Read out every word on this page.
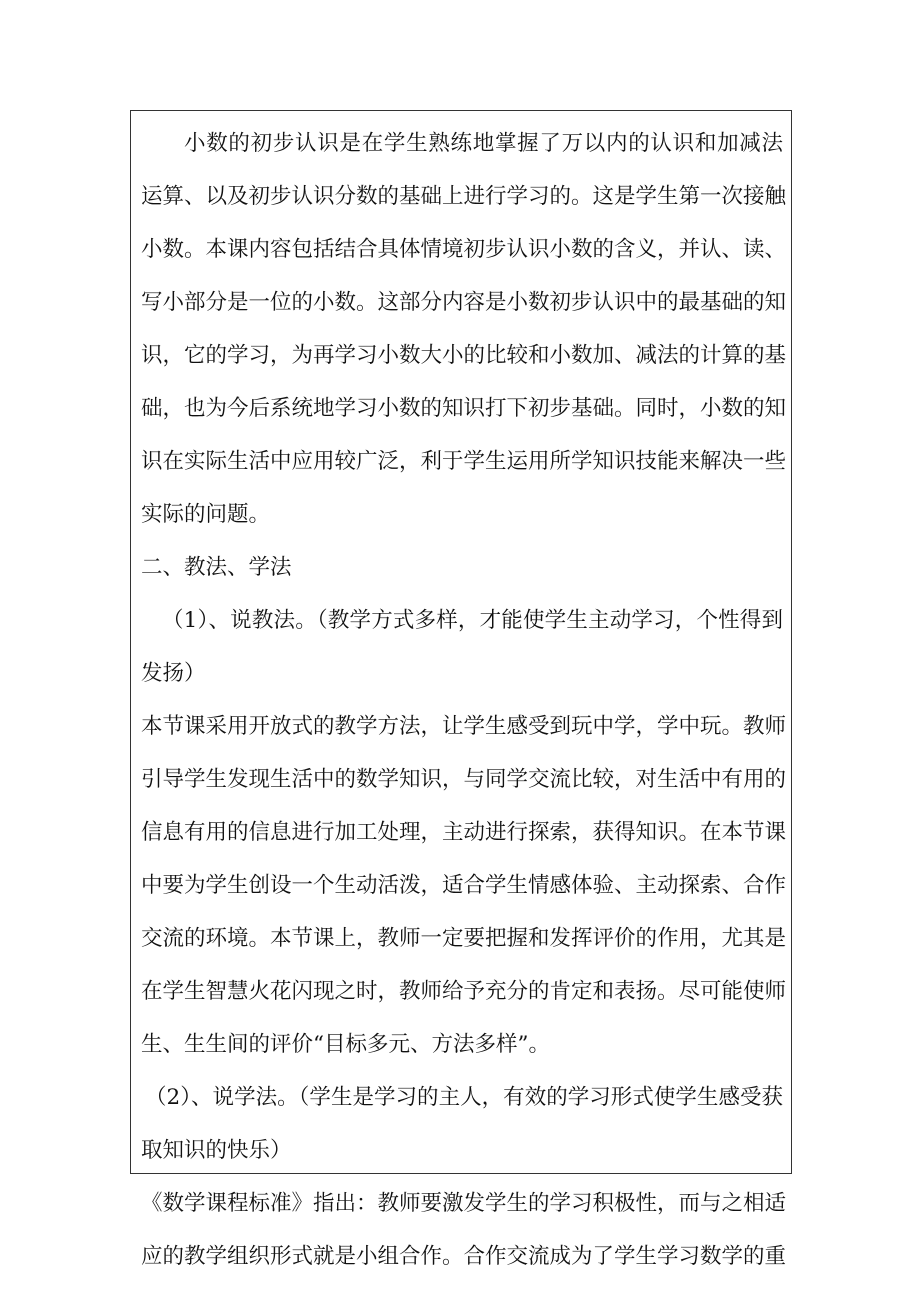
小数的初步认识是在学生熟练地掌握了万以内的认识和加减法
运算、以及初步认识分数的基础上进行学习的。这是学生第一次接触
小数。本课内容包括结合具体情境初步认识小数的含义，并认、读、
写小部分是一位的小数。这部分内容是小数初步认识中的最基础的知
识，它的学习，为再学习小数大小的比较和小数加、减法的计算的基
础，也为今后系统地学习小数的知识打下初步基础。同时，小数的知
识在实际生活中应用较广泛，利于学生运用所学知识技能来解决一些
实际的问题。
二、教法、学法
（1）、说教法。（教学方式多样，才能使学生主动学习，个性得到
发扬）
本节课采用开放式的教学方法，让学生感受到玩中学，学中玩。教师
引导学生发现生活中的数学知识，与同学交流比较，对生活中有用的
信息有用的信息进行加工处理，主动进行探索，获得知识。在本节课
中要为学生创设一个生动活泼，适合学生情感体验、主动探索、合作
交流的环境。本节课上，教师一定要把握和发挥评价的作用，尤其是
在学生智慧火花闪现之时，教师给予充分的肯定和表扬。尽可能使师
生、生生间的评价“目标多元、方法多样”。
（2）、说学法。（学生是学习的主人，有效的学习形式使学生感受获
取知识的快乐）
《数学课程标准》指出：教师要激发学生的学习积极性，而与之相适
应的教学组织形式就是小组合作。合作交流成为了学生学习数学的重
